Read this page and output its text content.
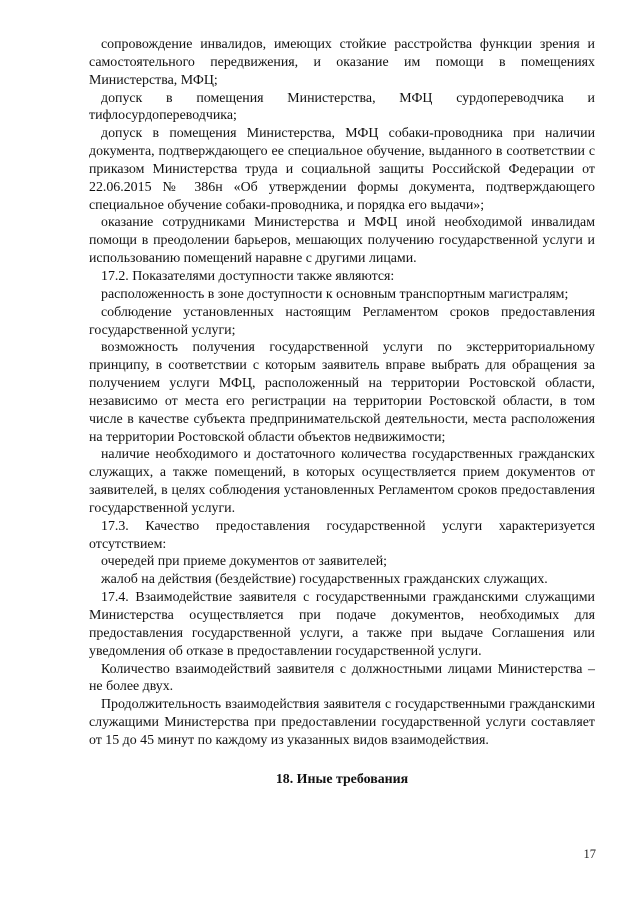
сопровождение инвалидов, имеющих стойкие расстройства функции зрения и самостоятельного передвижения, и оказание им помощи в помещениях Министерства, МФЦ;

допуск в помещения Министерства, МФЦ сурдопереводчика и тифлосурдопереводчика;

допуск в помещения Министерства, МФЦ собаки-проводника при наличии документа, подтверждающего ее специальное обучение, выданного в соответствии с приказом Министерства труда и социальной защиты Российской Федерации от 22.06.2015 № 386н «Об утверждении формы документа, подтверждающего специальное обучение собаки-проводника, и порядка его выдачи»;

оказание сотрудниками Министерства и МФЦ иной необходимой инвалидам помощи в преодолении барьеров, мешающих получению государственной услуги и использованию помещений наравне с другими лицами.

17.2. Показателями доступности также являются:

расположенность в зоне доступности к основным транспортным магистралям;

соблюдение установленных настоящим Регламентом сроков предоставления государственной услуги;

возможность получения государственной услуги по экстерриториальному принципу, в соответствии с которым заявитель вправе выбрать для обращения за получением услуги МФЦ, расположенный на территории Ростовской области, независимо от места его регистрации на территории Ростовской области, в том числе в качестве субъекта предпринимательской деятельности, места расположения на территории Ростовской области объектов недвижимости;

наличие необходимого и достаточного количества государственных гражданских служащих, а также помещений, в которых осуществляется прием документов от заявителей, в целях соблюдения установленных Регламентом сроков предоставления государственной услуги.

17.3. Качество предоставления государственной услуги характеризуется отсутствием:

очередей при приеме документов от заявителей;

жалоб на действия (бездействие) государственных гражданских служащих.

17.4. Взаимодействие заявителя с государственными гражданскими служащими Министерства осуществляется при подаче документов, необходимых для предоставления государственной услуги, а также при выдаче Соглашения или уведомления об отказе в предоставлении государственной услуги.

Количество взаимодействий заявителя с должностными лицами Министерства – не более двух.

Продолжительность взаимодействия заявителя с государственными гражданскими служащими Министерства при предоставлении государственной услуги составляет от 15 до 45 минут по каждому из указанных видов взаимодействия.

18. Иные требования
17
